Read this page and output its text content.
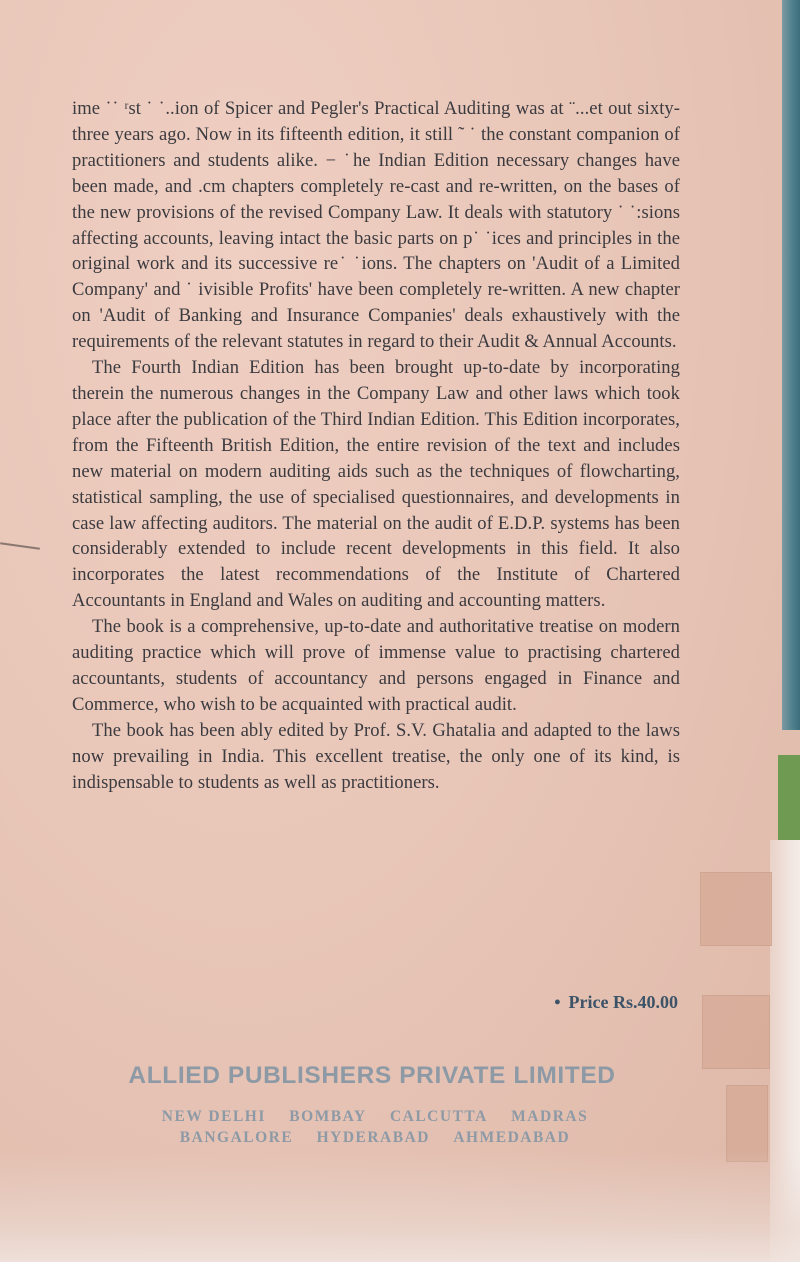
i​me ˙˙ ʳst ˙ ˙..ion of Spicer and Pegler's Practical Auditing was at ¨...et out sixty-three years ago. Now in its fifteenth edition, it still ˜ ˙ the constant companion of practitioners and students alike. − ˙he Indian Edition necessary changes have been made, and .cm chapters completely re-cast and re-written, on the bases of the new provisions of the revised Company Law. It deals with statutory ˙ ˙:sions affecting accounts, leaving intact the basic parts on p˙ ˙ices and principles in the original work and its successive re˙ ˙ions. The chapters on 'Audit of a Limited Company' and ˙ ivisible Profits' have been completely re-written. A new chapter on 'Audit of Banking and Insurance Companies' deals exhaustively with the requirements of the relevant statutes in regard to their Audit & Annual Accounts.

The Fourth Indian Edition has been brought up-to-date by incorporating therein the numerous changes in the Company Law and other laws which took place after the publication of the Third Indian Edition. This Edition incorporates, from the Fifteenth British Edition, the entire revision of the text and includes new material on modern auditing aids such as the techniques of flowcharting, statistical sampling, the use of specialised questionnaires, and developments in case law affecting auditors. The material on the audit of E.D.P. systems has been considerably extended to include recent developments in this field. It also incorporates the latest recommendations of the Institute of Chartered Accountants in England and Wales on auditing and accounting matters.

The book is a comprehensive, up-to-date and authoritative treatise on modern auditing practice which will prove of immense value to practising chartered accountants, students of accountancy and persons engaged in Finance and Commerce, who wish to be acquainted with practical audit.

The book has been ably edited by Prof. S.V. Ghatalia and adapted to the laws now prevailing in India. This excellent treatise, the only one of its kind, is indispensable to students as well as practitioners.

• Price Rs.40.00
ALLIED PUBLISHERS PRIVATE LIMITED
NEW DELHI BOMBAY CALCUTTA MADRAS
BANGALORE HYDERABAD AHMEDABAD
